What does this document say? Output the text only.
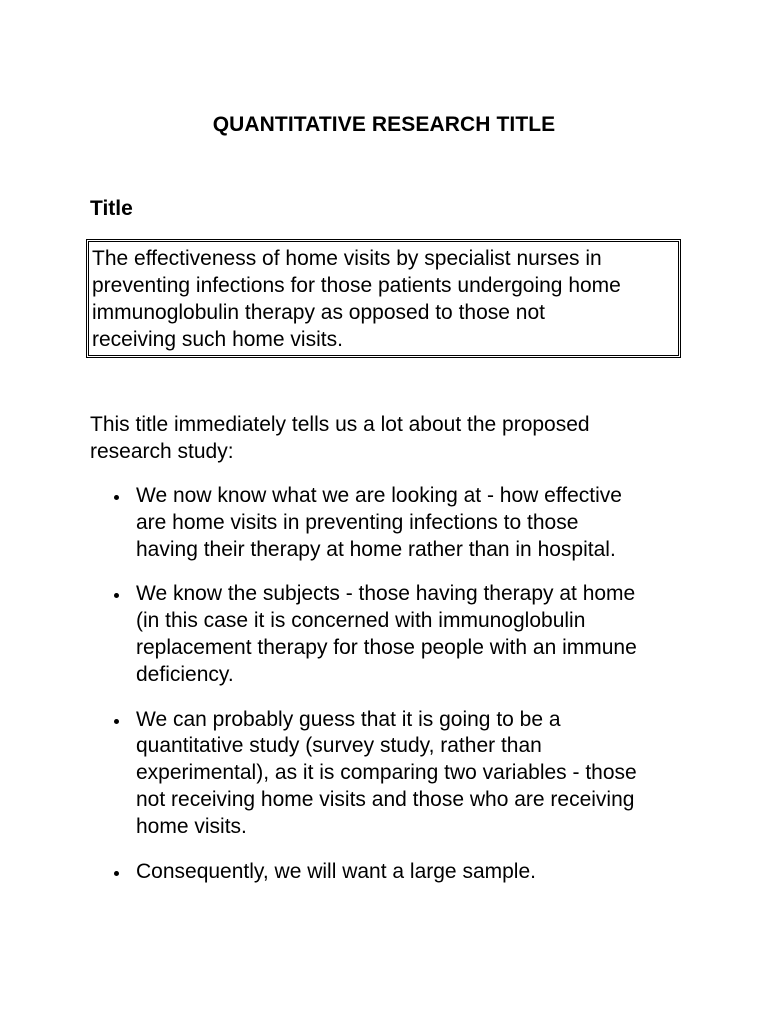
QUANTITATIVE RESEARCH TITLE
Title

The effectiveness of home visits by specialist nurses in
preventing infections for those patients undergoing home
immunoglobulin therapy as opposed to those not
receiving such home visits.

This title immediately tells us a lot about the proposed
research study:

We now know what we are looking at - how effective
are home visits in preventing infections to those
having their therapy at home rather than in hospital.
We know the subjects - those having therapy at home
(in this case it is concerned with immunoglobulin
replacement therapy for those people with an immune
deficiency.
We can probably guess that it is going to be a
quantitative study (survey study, rather than
experimental), as it is comparing two variables - those
not receiving home visits and those who are receiving
home visits.
Consequently, we will want a large sample.
